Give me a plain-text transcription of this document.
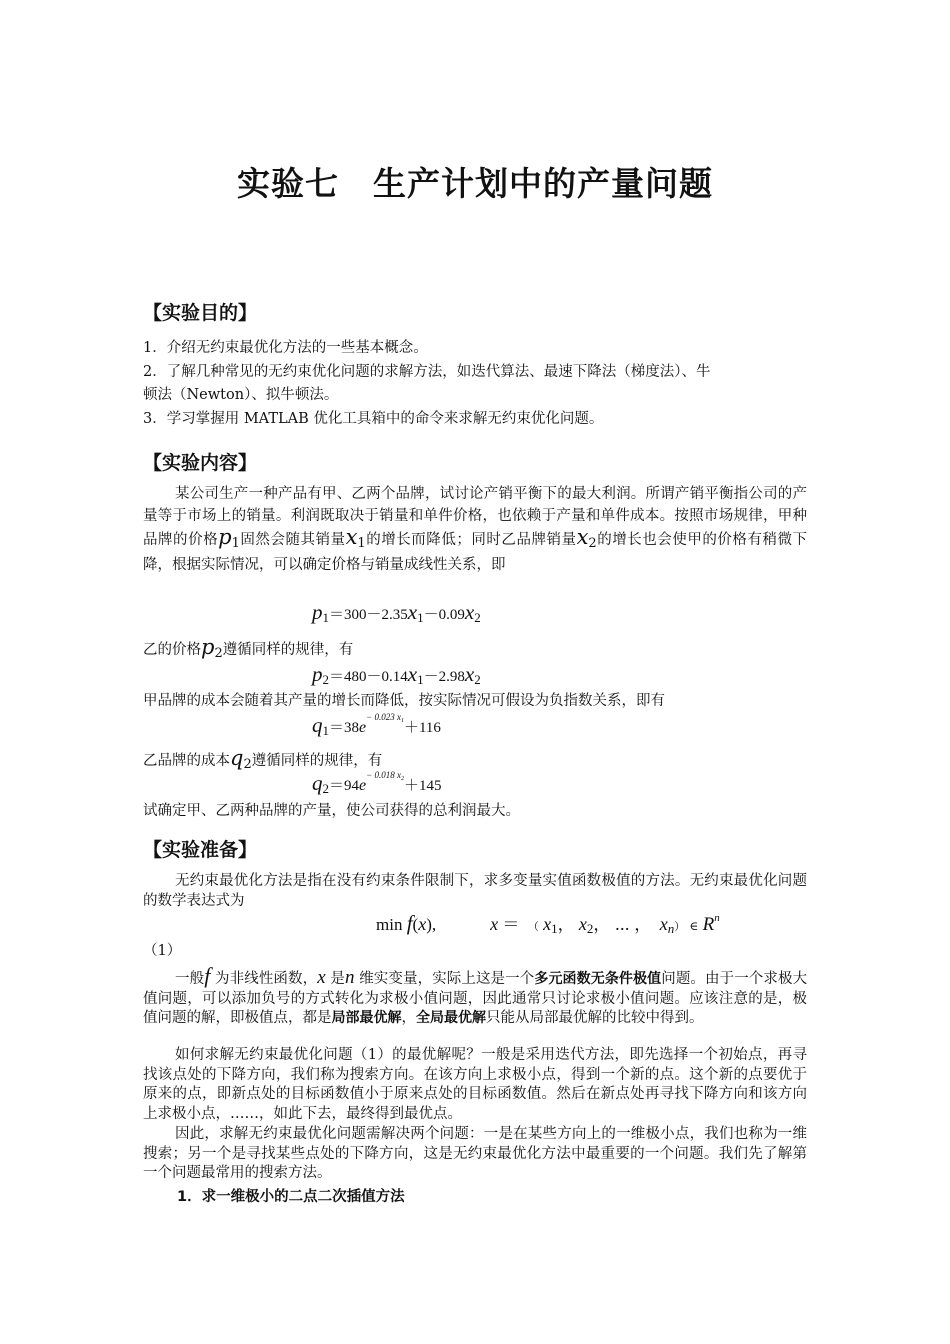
实验七 生产计划中的产量问题
【实验目的】
1．介绍无约束最优化方法的一些基本概念。
2．了解几种常见的无约束优化问题的求解方法，如迭代算法、最速下降法（梯度法）、牛
顿法（Newton）、拟牛顿法。
3．学习掌握用 MATLAB 优化工具箱中的命令来求解无约束优化问题。
【实验内容】
某公司生产一种产品有甲、乙两个品牌，试讨论产销平衡下的最大利润。所谓产销平衡指公司的产量等于市场上的销量。利润既取决于销量和单件价格，也依赖于产量和单件成本。按照市场规律，甲种品牌的价格p1固然会随其销量x1的增长而降低；同时乙品牌销量x2的增长也会使甲的价格有稍微下降，根据实际情况，可以确定价格与销量成线性关系，即
p1＝300－2.35x1－0.09x2
乙的价格p2遵循同样的规律，有
p2＝480－0.14x1－2.98x2
甲品牌的成本会随着其产量的增长而降低，按实际情况可假设为负指数关系，即有
$q1=38e^{- 0.023 x1}+116$
乙品牌的成本q2遵循同样的规律，有
$q2=94e^{- 0.018 x2}+145$
试确定甲、乙两种品牌的产量，使公司获得的总利润最大。
【实验准备】
无约束最优化方法是指在没有约束条件限制下，求多变量实值函数极值的方法。无约束最优化问题的数学表达式为
min f(x),	x ＝ （ $x_1$， $x_2$， ⋯ ， $x_n$） ∈ $R^n$
（1）
一般f 为非线性函数，x 是n 维实变量，实际上这是一个多元函数无条件极值问题。由于一个求极大值问题，可以添加负号的方式转化为求极小值问题，因此通常只讨论求极小值问题。应该注意的是，极值问题的解，即极值点，都是局部最优解，全局最优解只能从局部最优解的比较中得到。
如何求解无约束最优化问题（1）的最优解呢？一般是采用迭代方法，即先选择一个初始点，再寻找该点处的下降方向，我们称为搜索方向。在该方向上求极小点，得到一个新的点。这个新的点要优于原来的点，即新点处的目标函数值小于原来点处的目标函数值。然后在新点处再寻找下降方向和该方向上求极小点，……，如此下去，最终得到最优点。
因此，求解无约束最优化问题需解决两个问题：一是在某些方向上的一维极小点，我们也称为一维搜索；另一个是寻找某些点处的下降方向，这是无约束最优化方法中最重要的一个问题。我们先了解第一个问题最常用的搜索方法。
1．求一维极小的二点二次插值方法
